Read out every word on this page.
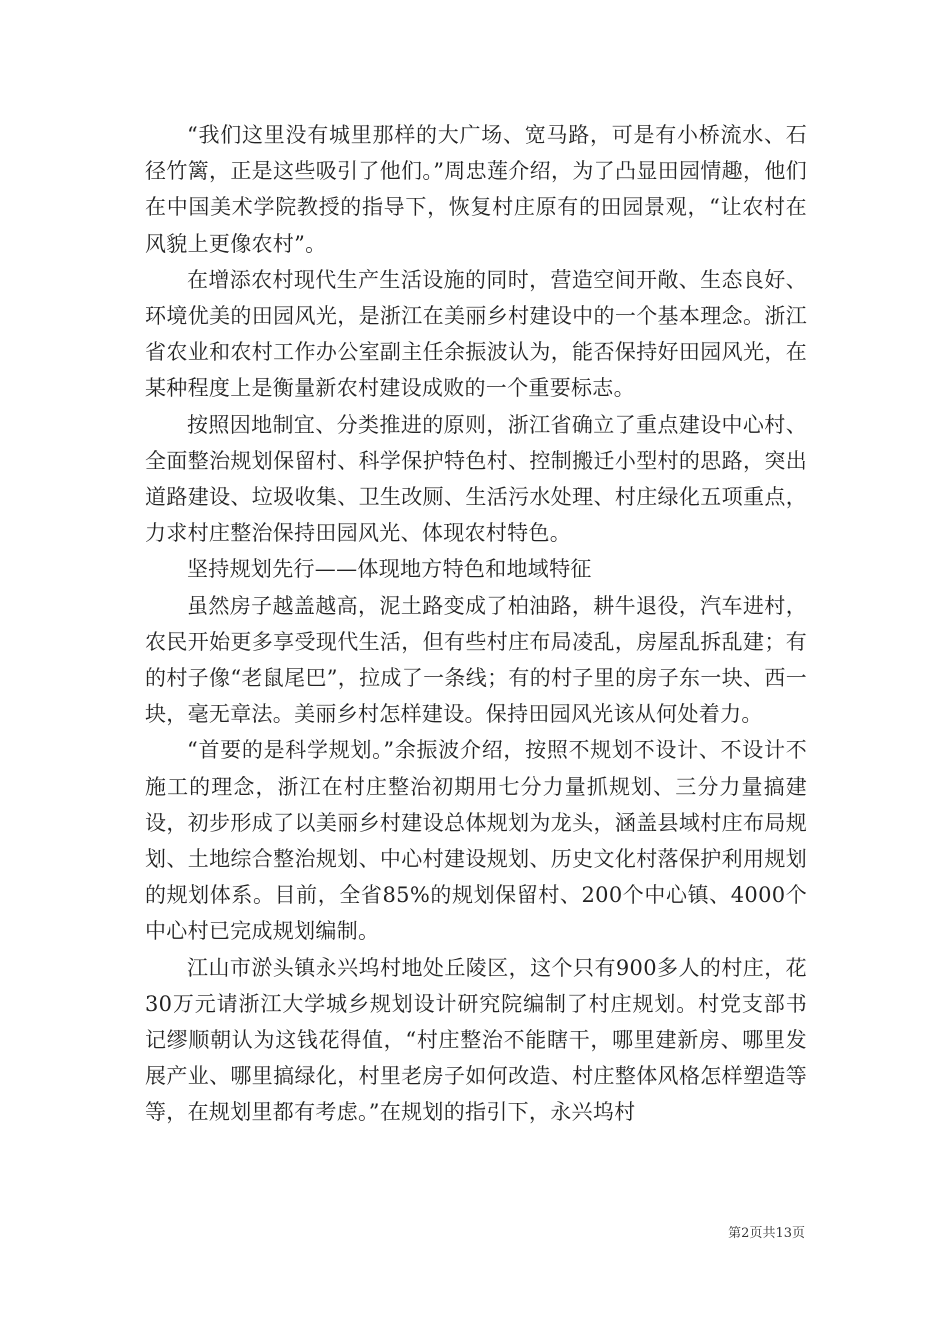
“我们这里没有城里那样的大广场、宽马路，可是有小桥流水、石径竹篱，正是这些吸引了他们。”周忠莲介绍，为了凸显田园情趣，他们在中国美术学院教授的指导下，恢复村庄原有的田园景观，“让农村在风貌上更像农村”。

在增添农村现代生产生活设施的同时，营造空间开敞、生态良好、环境优美的田园风光，是浙江在美丽乡村建设中的一个基本理念。浙江省农业和农村工作办公室副主任余振波认为，能否保持好田园风光，在某种程度上是衡量新农村建设成败的一个重要标志。

按照因地制宜、分类推进的原则，浙江省确立了重点建设中心村、全面整治规划保留村、科学保护特色村、控制搬迁小型村的思路，突出道路建设、垃圾收集、卫生改厕、生活污水处理、村庄绿化五项重点，力求村庄整治保持田园风光、体现农村特色。

坚持规划先行——体现地方特色和地域特征

虽然房子越盖越高，泥土路变成了柏油路，耕牛退役，汽车进村，农民开始更多享受现代生活，但有些村庄布局凌乱，房屋乱拆乱建；有的村子像“老鼠尾巴”，拉成了一条线；有的村子里的房子东一块、西一块，毫无章法。美丽乡村怎样建设。保持田园风光该从何处着力。

“首要的是科学规划。”余振波介绍，按照不规划不设计、不设计不施工的理念，浙江在村庄整治初期用七分力量抓规划、三分力量搞建设，初步形成了以美丽乡村建设总体规划为龙头，涵盖县域村庄布局规划、土地综合整治规划、中心村建设规划、历史文化村落保护利用规划的规划体系。目前，全省85%的规划保留村、200个中心镇、4000个中心村已完成规划编制。

江山市淤头镇永兴坞村地处丘陵区，这个只有900多人的村庄，花30万元请浙江大学城乡规划设计研究院编制了村庄规划。村党支部书记缪顺朝认为这钱花得值，“村庄整治不能瞎干，哪里建新房、哪里发展产业、哪里搞绿化，村里老房子如何改造、村庄整体风格怎样塑造等等，在规划里都有考虑。”在规划的指引下，永兴坞村

第2页共13页
